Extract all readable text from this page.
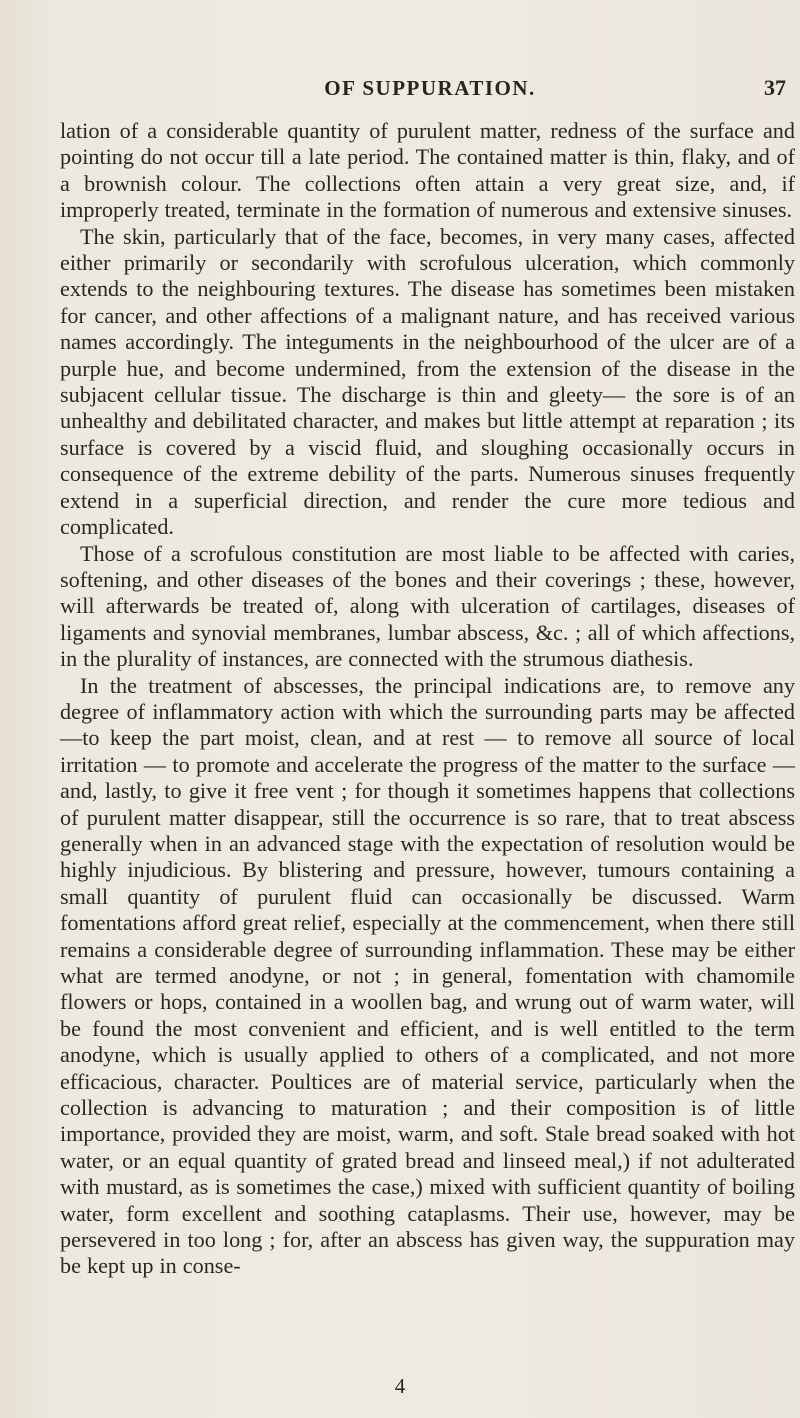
OF SUPPURATION.	37

lation of a considerable quantity of purulent matter, redness of the surface and pointing do not occur till a late period. The contained matter is thin, flaky, and of a brownish colour. The collections often attain a very great size, and, if improperly treated, terminate in the formation of numerous and extensive sinuses.

The skin, particularly that of the face, becomes, in very many cases, affected either primarily or secondarily with scrofulous ulceration, which commonly extends to the neighbouring textures. The disease has sometimes been mistaken for cancer, and other affections of a malignant nature, and has received various names accordingly. The integuments in the neighbourhood of the ulcer are of a purple hue, and become undermined, from the extension of the disease in the subjacent cellular tissue. The discharge is thin and gleety— the sore is of an unhealthy and debilitated character, and makes but little attempt at reparation ; its surface is covered by a viscid fluid, and sloughing occasionally occurs in consequence of the extreme debility of the parts. Numerous sinuses frequently extend in a superficial direction, and render the cure more tedious and complicated.

Those of a scrofulous constitution are most liable to be affected with caries, softening, and other diseases of the bones and their coverings ; these, however, will afterwards be treated of, along with ulceration of cartilages, diseases of ligaments and synovial membranes, lumbar abscess, &c. ; all of which affections, in the plurality of instances, are connected with the strumous diathesis.

In the treatment of abscesses, the principal indications are, to remove any degree of inflammatory action with which the surrounding parts may be affected —to keep the part moist, clean, and at rest — to remove all source of local irritation — to promote and accelerate the progress of the matter to the surface — and, lastly, to give it free vent ; for though it sometimes happens that collections of purulent matter disappear, still the occurrence is so rare, that to treat abscess generally when in an advanced stage with the expectation of resolution would be highly injudicious. By blistering and pressure, however, tumours containing a small quantity of purulent fluid can occasionally be discussed. Warm fomentations afford great relief, especially at the commencement, when there still remains a considerable degree of surrounding inflammation. These may be either what are termed anodyne, or not ; in general, fomentation with chamomile flowers or hops, contained in a woollen bag, and wrung out of warm water, will be found the most convenient and efficient, and is well entitled to the term anodyne, which is usually applied to others of a complicated, and not more efficacious, character. Poultices are of material service, particularly when the collection is advancing to maturation ; and their composition is of little importance, provided they are moist, warm, and soft. Stale bread soaked with hot water, or an equal quantity of grated bread and linseed meal,) if not adulterated with mustard, as is sometimes the case,) mixed with sufficient quantity of boiling water, form excellent and soothing cataplasms. Their use, however, may be persevered in too long ; for, after an abscess has given way, the suppuration may be kept up in conse-

4
